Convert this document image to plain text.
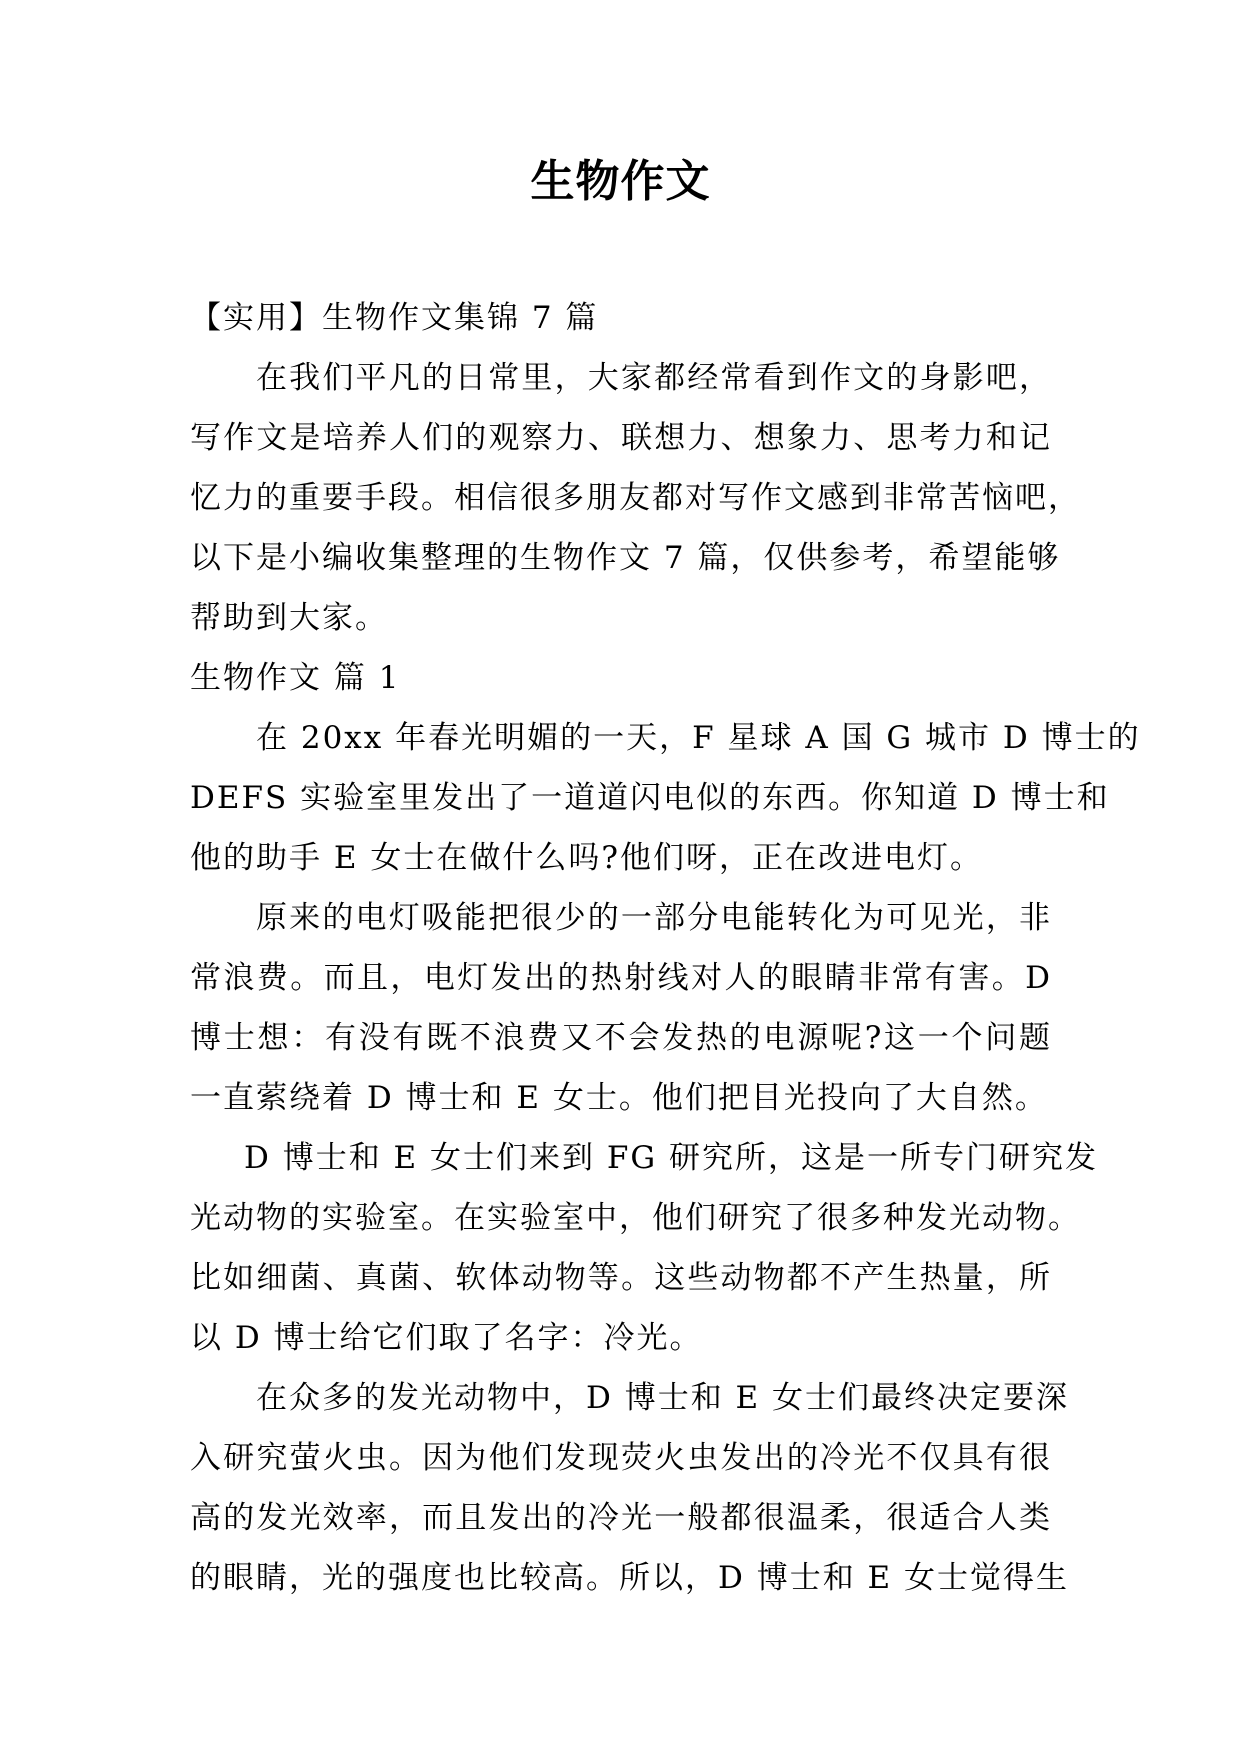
生物作文
【实用】生物作文集锦 7 篇
在我们平凡的日常里，大家都经常看到作文的身影吧，
写作文是培养人们的观察力、联想力、想象力、思考力和记
忆力的重要手段。相信很多朋友都对写作文感到非常苦恼吧，
以下是小编收集整理的生物作文 7 篇，仅供参考，希望能够
帮助到大家。
生物作文 篇 1
在 20xx 年春光明媚的一天，F 星球 A 国 G 城市 D 博士的
DEFS 实验室里发出了一道道闪电似的东西。你知道 D 博士和
他的助手 E 女士在做什么吗?他们呀，正在改进电灯。
原来的电灯吸能把很少的一部分电能转化为可见光，非
常浪费。而且，电灯发出的热射线对人的眼睛非常有害。D
博士想：有没有既不浪费又不会发热的电源呢?这一个问题
一直萦绕着 D 博士和 E 女士。他们把目光投向了大自然。
D 博士和 E 女士们来到 FG 研究所，这是一所专门研究发
光动物的实验室。在实验室中，他们研究了很多种发光动物。
比如细菌、真菌、软体动物等。这些动物都不产生热量，所
以 D 博士给它们取了名字：冷光。
在众多的发光动物中，D 博士和 E 女士们最终决定要深
入研究萤火虫。因为他们发现荧火虫发出的冷光不仅具有很
高的发光效率，而且发出的冷光一般都很温柔，很适合人类
的眼睛，光的强度也比较高。所以，D 博士和 E 女士觉得生
